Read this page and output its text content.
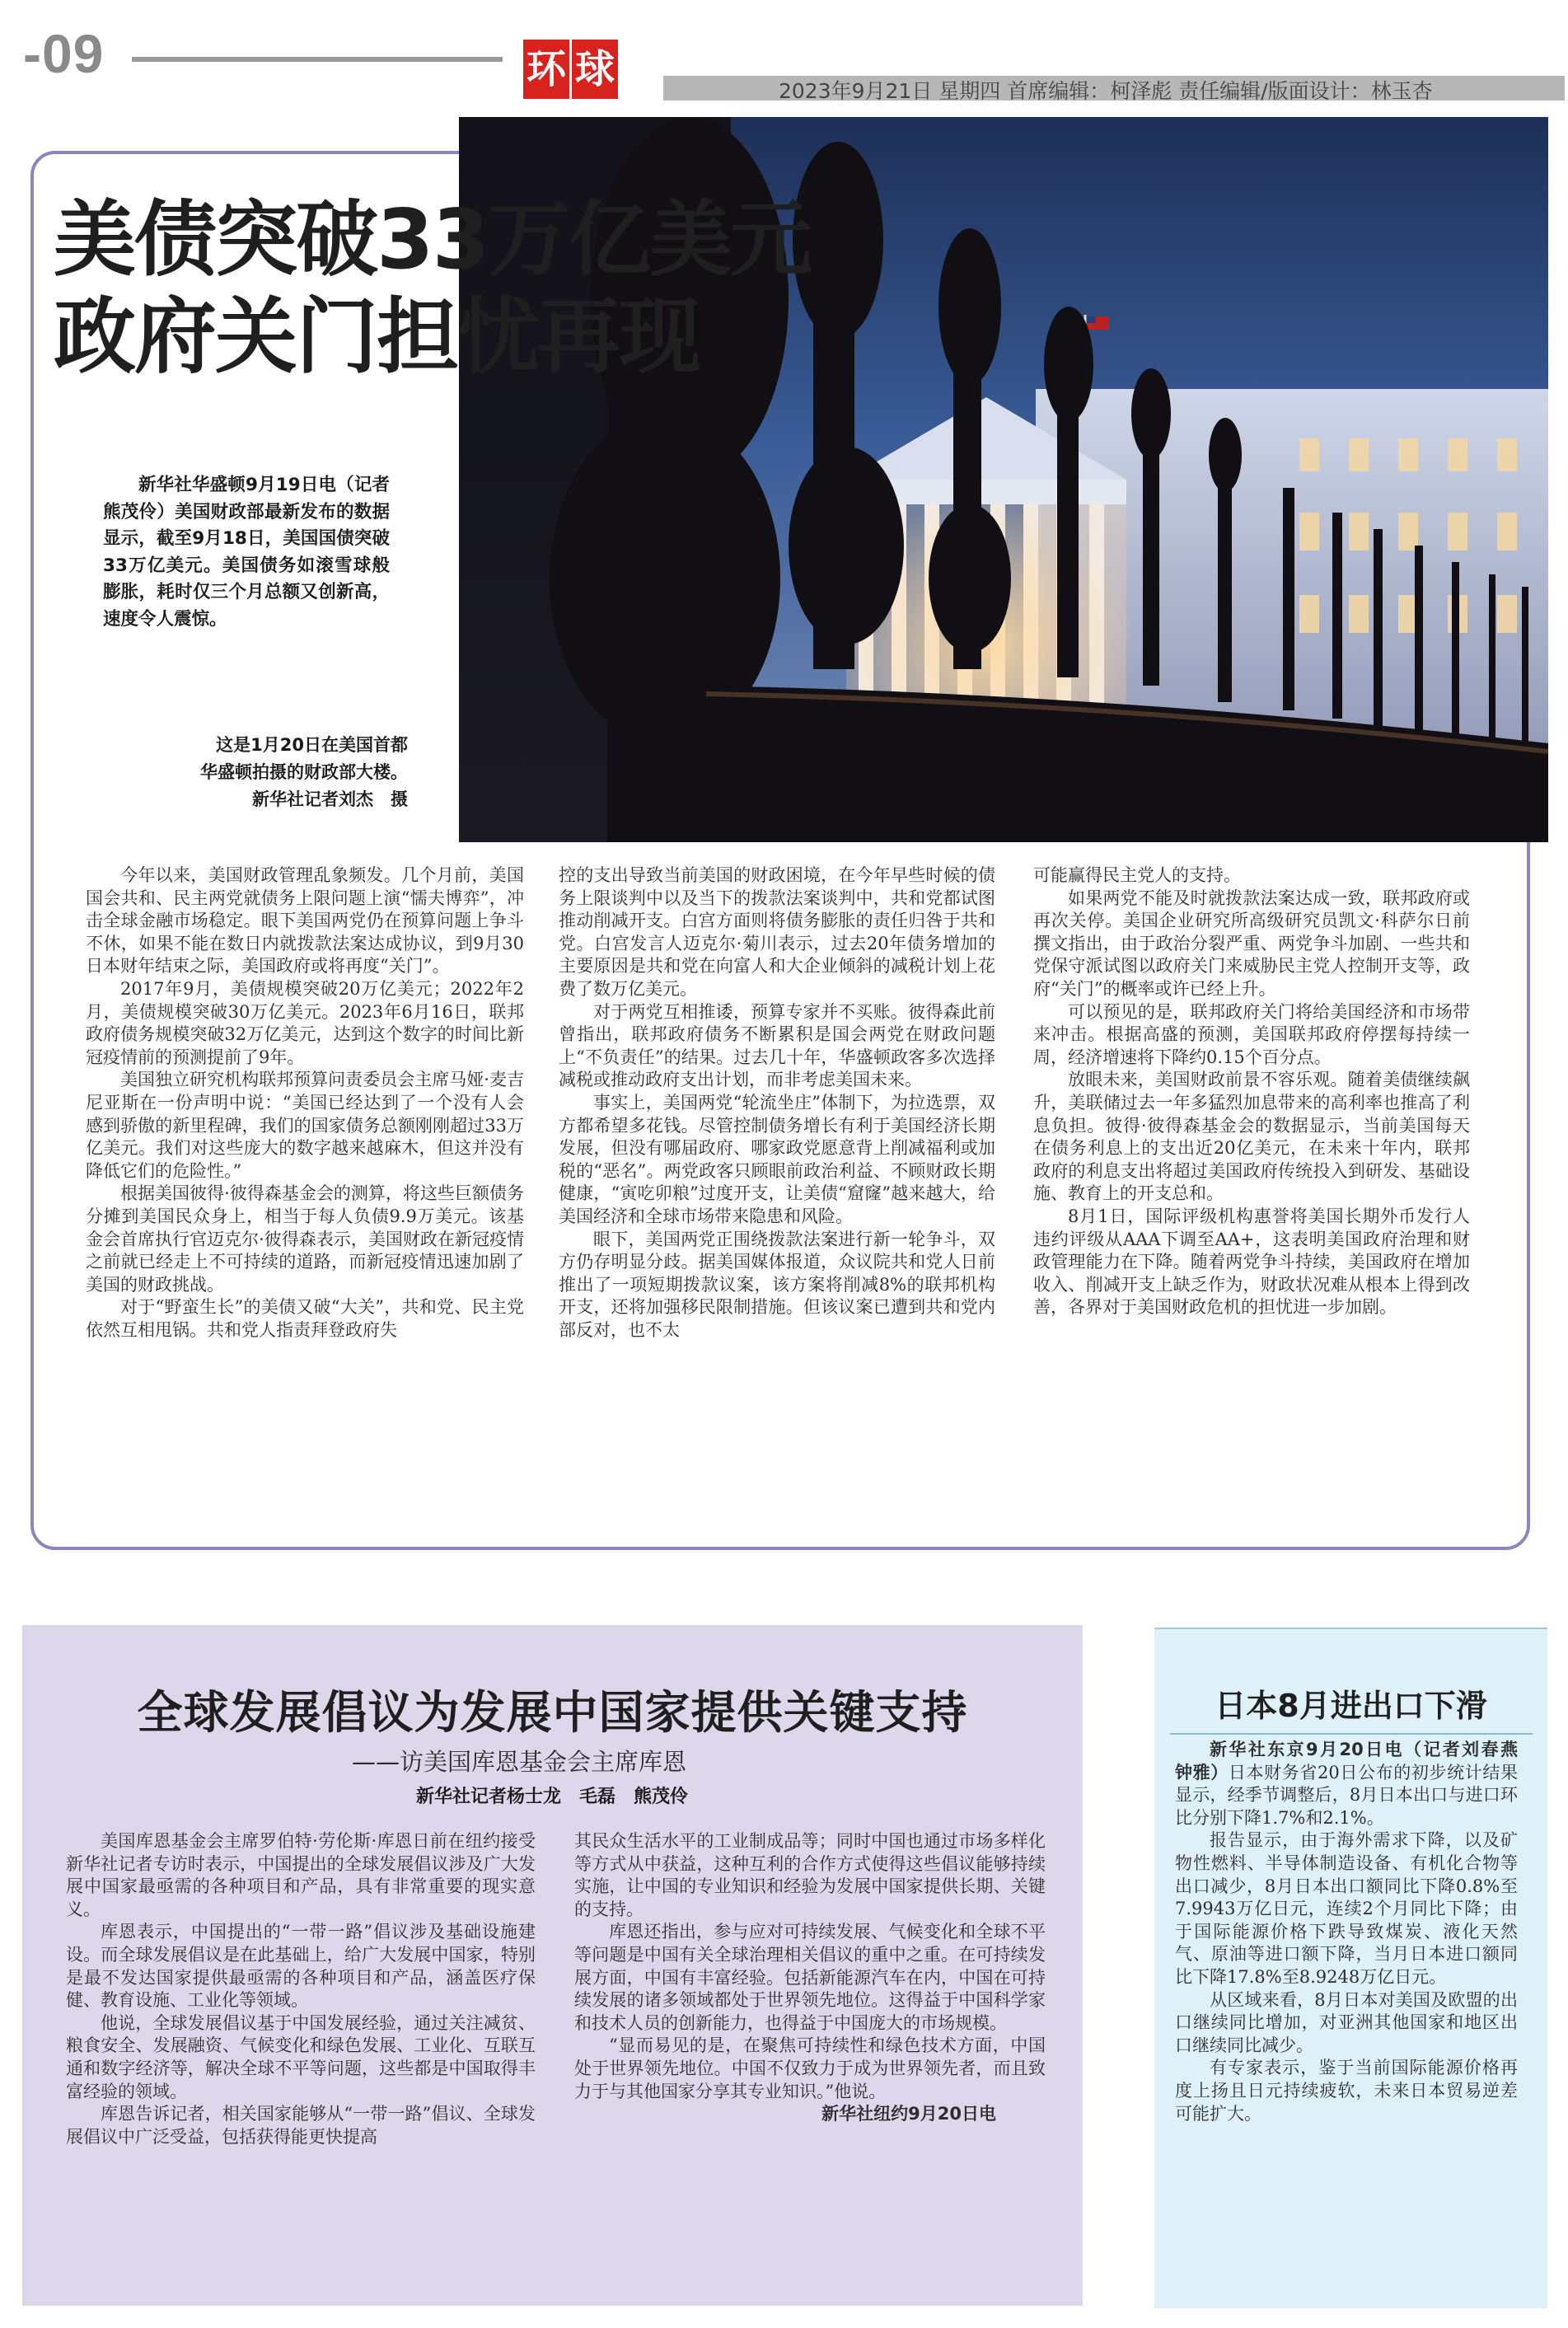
-09	环 球	2023年9月21日 星期四 首席编辑：柯泽彪 责任编辑/版面设计：林玉杏
美债突破33万亿美元
政府关门担忧再现
新华社华盛顿9月19日电（记者熊茂伶）美国财政部最新发布的数据显示，截至9月18日，美国国债突破33万亿美元。美国债务如滚雪球般膨胀，耗时仅三个月总额又创新高，速度令人震惊。
这是1月20日在美国首都
华盛顿拍摄的财政部大楼。
新华社记者刘杰　摄

今年以来，美国财政管理乱象频发。几个月前，美国国会共和、民主两党就债务上限问题上演“懦夫博弈”，冲击全球金融市场稳定。眼下美国两党仍在预算问题上争斗不休，如果不能在数日内就拨款法案达成协议，到9月30日本财年结束之际，美国政府或将再度“关门”。

2017年9月，美债规模突破20万亿美元；2022年2月，美债规模突破30万亿美元。2023年6月16日，联邦政府债务规模突破32万亿美元，达到这个数字的时间比新冠疫情前的预测提前了9年。

美国独立研究机构联邦预算问责委员会主席马娅·麦吉尼亚斯在一份声明中说：“美国已经达到了一个没有人会感到骄傲的新里程碑，我们的国家债务总额刚刚超过33万亿美元。我们对这些庞大的数字越来越麻木，但这并没有降低它们的危险性。”

根据美国彼得·彼得森基金会的测算，将这些巨额债务分摊到美国民众身上，相当于每人负债9.9万美元。该基金会首席执行官迈克尔·彼得森表示，美国财政在新冠疫情之前就已经走上不可持续的道路，而新冠疫情迅速加剧了美国的财政挑战。

对于“野蛮生长”的美债又破“大关”，共和党、民主党依然互相甩锅。共和党人指责拜登政府失

控的支出导致当前美国的财政困境，在今年早些时候的债务上限谈判中以及当下的拨款法案谈判中，共和党都试图推动削减开支。白宫方面则将债务膨胀的责任归咎于共和党。白宫发言人迈克尔·菊川表示，过去20年债务增加的主要原因是共和党在向富人和大企业倾斜的减税计划上花费了数万亿美元。

对于两党互相推诿，预算专家并不买账。彼得森此前曾指出，联邦政府债务不断累积是国会两党在财政问题上“不负责任”的结果。过去几十年，华盛顿政客多次选择减税或推动政府支出计划，而非考虑美国未来。

事实上，美国两党“轮流坐庄”体制下，为拉选票，双方都希望多花钱。尽管控制债务增长有利于美国经济长期发展，但没有哪届政府、哪家政党愿意背上削减福利或加税的“恶名”。两党政客只顾眼前政治利益、不顾财政长期健康，“寅吃卯粮”过度开支，让美债“窟窿”越来越大，给美国经济和全球市场带来隐患和风险。

眼下，美国两党正围绕拨款法案进行新一轮争斗，双方仍存明显分歧。据美国媒体报道，众议院共和党人日前推出了一项短期拨款议案，该方案将削减8%的联邦机构开支，还将加强移民限制措施。但该议案已遭到共和党内部反对，也不太

可能赢得民主党人的支持。

如果两党不能及时就拨款法案达成一致，联邦政府或再次关停。美国企业研究所高级研究员凯文·科萨尔日前撰文指出，由于政治分裂严重、两党争斗加剧、一些共和党保守派试图以政府关门来威胁民主党人控制开支等，政府“关门”的概率或许已经上升。

可以预见的是，联邦政府关门将给美国经济和市场带来冲击。根据高盛的预测，美国联邦政府停摆每持续一周，经济增速将下降约0.15个百分点。

放眼未来，美国财政前景不容乐观。随着美债继续飙升，美联储过去一年多猛烈加息带来的高利率也推高了利息负担。彼得·彼得森基金会的数据显示，当前美国每天在债务利息上的支出近20亿美元，在未来十年内，联邦政府的利息支出将超过美国政府传统投入到研发、基础设施、教育上的开支总和。

8月1日，国际评级机构惠誉将美国长期外币发行人违约评级从AAA下调至AA+，这表明美国政府治理和财政管理能力在下降。随着两党争斗持续，美国政府在增加收入、削减开支上缺乏作为，财政状况难从根本上得到改善，各界对于美国财政危机的担忧进一步加剧。

全球发展倡议为发展中国家提供关键支持
——访美国库恩基金会主席库恩
新华社记者杨士龙　毛磊　熊茂伶

美国库恩基金会主席罗伯特·劳伦斯·库恩日前在纽约接受新华社记者专访时表示，中国提出的全球发展倡议涉及广大发展中国家最亟需的各种项目和产品，具有非常重要的现实意义。

库恩表示，中国提出的“一带一路”倡议涉及基础设施建设。而全球发展倡议是在此基础上，给广大发展中国家，特别是最不发达国家提供最亟需的各种项目和产品，涵盖医疗保健、教育设施、工业化等领域。

他说，全球发展倡议基于中国发展经验，通过关注减贫、粮食安全、发展融资、气候变化和绿色发展、工业化、互联互通和数字经济等，解决全球不平等问题，这些都是中国取得丰富经验的领域。

库恩告诉记者，相关国家能够从“一带一路”倡议、全球发展倡议中广泛受益，包括获得能更快提高

其民众生活水平的工业制成品等；同时中国也通过市场多样化等方式从中获益，这种互利的合作方式使得这些倡议能够持续实施，让中国的专业知识和经验为发展中国家提供长期、关键的支持。

库恩还指出，参与应对可持续发展、气候变化和全球不平等问题是中国有关全球治理相关倡议的重中之重。在可持续发展方面，中国有丰富经验。包括新能源汽车在内，中国在可持续发展的诸多领域都处于世界领先地位。这得益于中国科学家和技术人员的创新能力，也得益于中国庞大的市场规模。

“显而易见的是，在聚焦可持续性和绿色技术方面，中国处于世界领先地位。中国不仅致力于成为世界领先者，而且致力于与其他国家分享其专业知识。”他说。

新华社纽约9月20日电

日本8月进出口下滑

新华社东京9月20日电（记者刘春燕　钟雅）日本财务省20日公布的初步统计结果显示，经季节调整后，8月日本出口与进口环比分别下降1.7%和2.1%。

报告显示，由于海外需求下降，以及矿物性燃料、半导体制造设备、有机化合物等出口减少，8月日本出口额同比下降0.8%至7.9943万亿日元，连续2个月同比下降；由于国际能源价格下跌导致煤炭、液化天然气、原油等进口额下降，当月日本进口额同比下降17.8%至8.9248万亿日元。

从区域来看，8月日本对美国及欧盟的出口继续同比增加，对亚洲其他国家和地区出口继续同比减少。

有专家表示，鉴于当前国际能源价格再度上扬且日元持续疲软，未来日本贸易逆差可能扩大。
